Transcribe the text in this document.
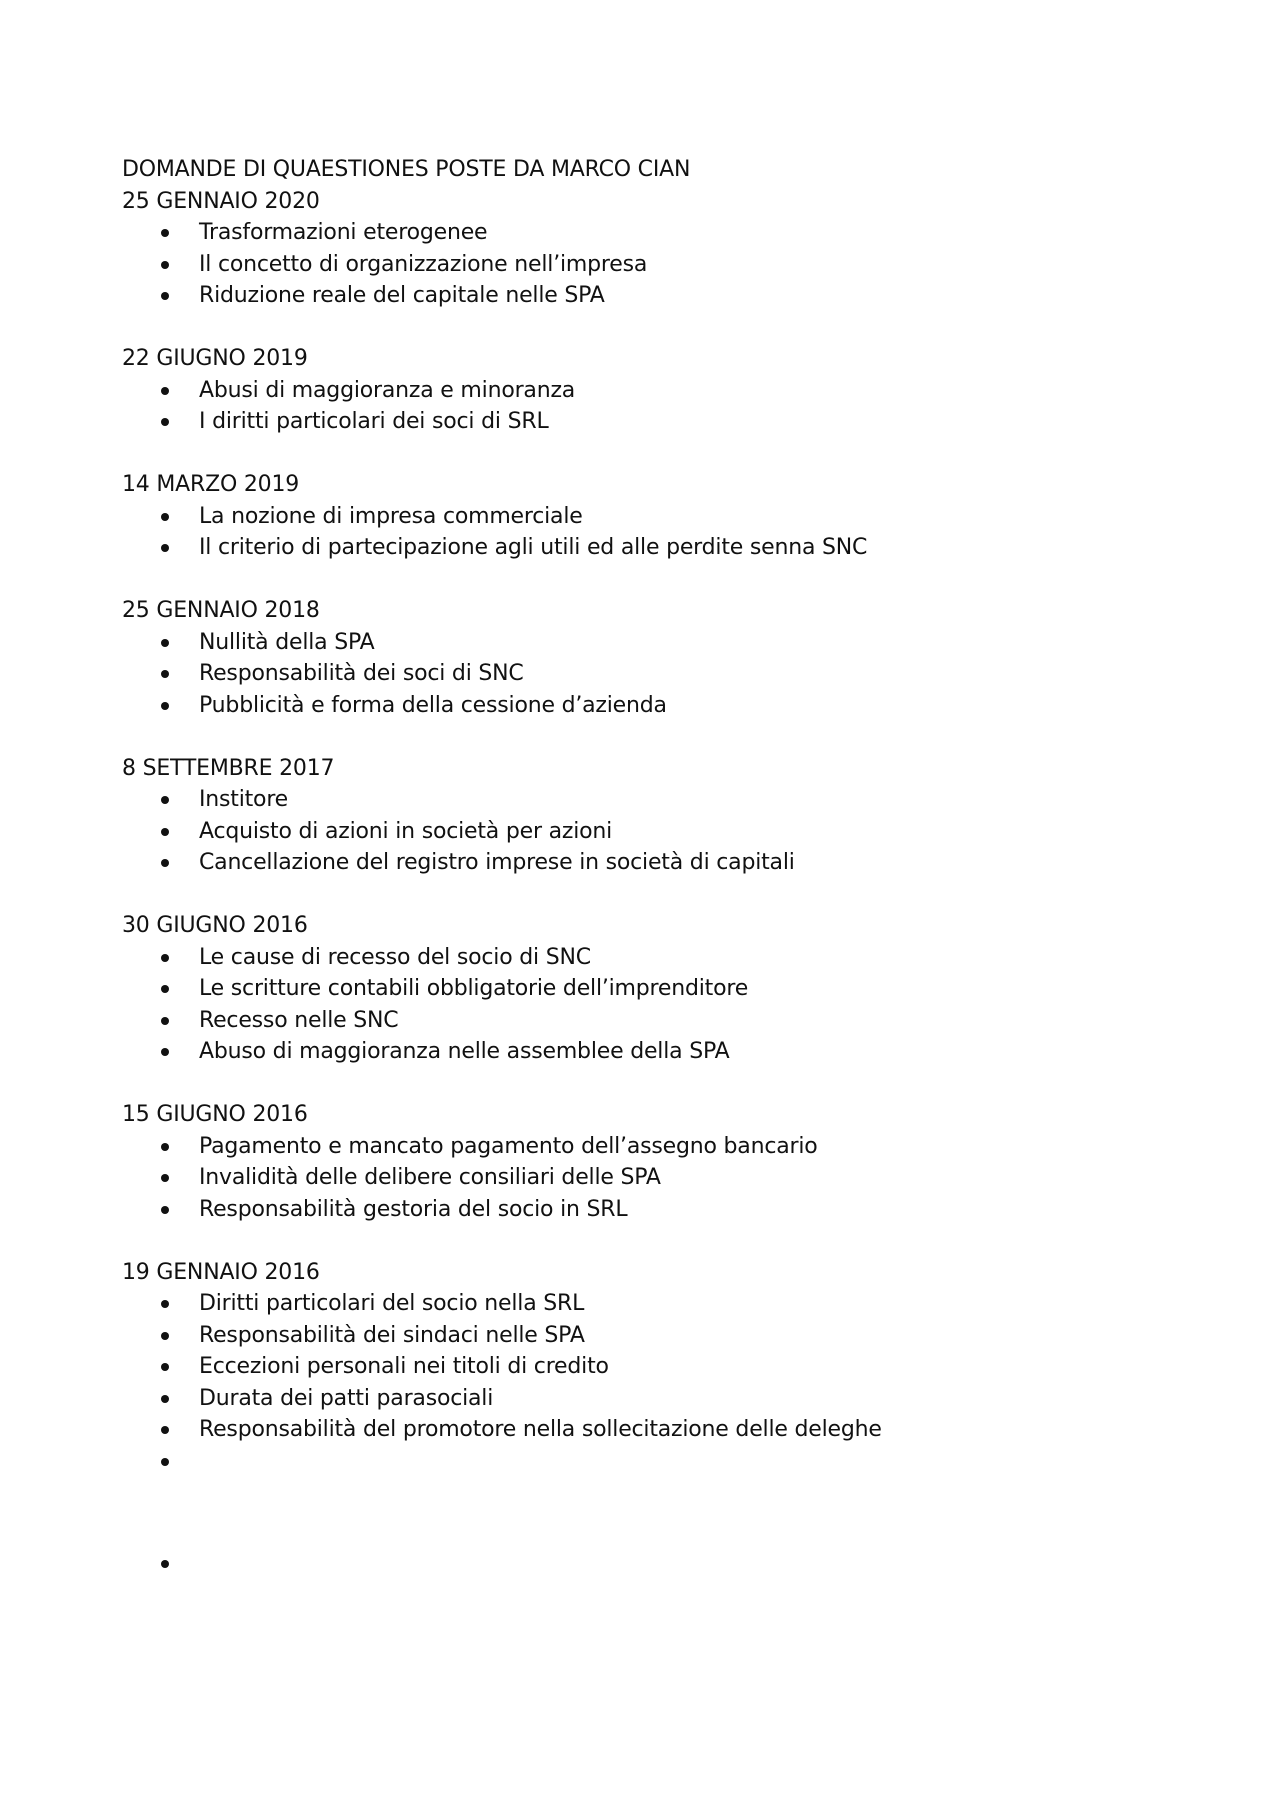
DOMANDE DI QUAESTIONES POSTE DA MARCO CIAN
25 GENNAIO 2020
Trasformazioni eterogenee
Il concetto di organizzazione nell’impresa
Riduzione reale del capitale nelle SPA
22 GIUGNO 2019
Abusi di maggioranza e minoranza
I diritti particolari dei soci di SRL
14 MARZO 2019
La nozione di impresa commerciale
Il criterio di partecipazione agli utili ed alle perdite senna SNC
25 GENNAIO 2018
Nullità della SPA
Responsabilità dei soci di SNC
Pubblicità e forma della cessione d’azienda
8 SETTEMBRE 2017
Institore
Acquisto di azioni in società per azioni
Cancellazione del registro imprese in società di capitali
30 GIUGNO 2016
Le cause di recesso del socio di SNC
Le scritture contabili obbligatorie dell’imprenditore
Recesso nelle SNC
Abuso di maggioranza nelle assemblee della SPA
15 GIUGNO 2016
Pagamento e mancato pagamento dell’assegno bancario
Invalidità delle delibere consiliari delle SPA
Responsabilità gestoria del socio in SRL
19 GENNAIO 2016
Diritti particolari del socio nella SRL
Responsabilità dei sindaci nelle SPA
Eccezioni personali nei titoli di credito
Durata dei patti parasociali
Responsabilità del promotore nella sollecitazione delle deleghe
